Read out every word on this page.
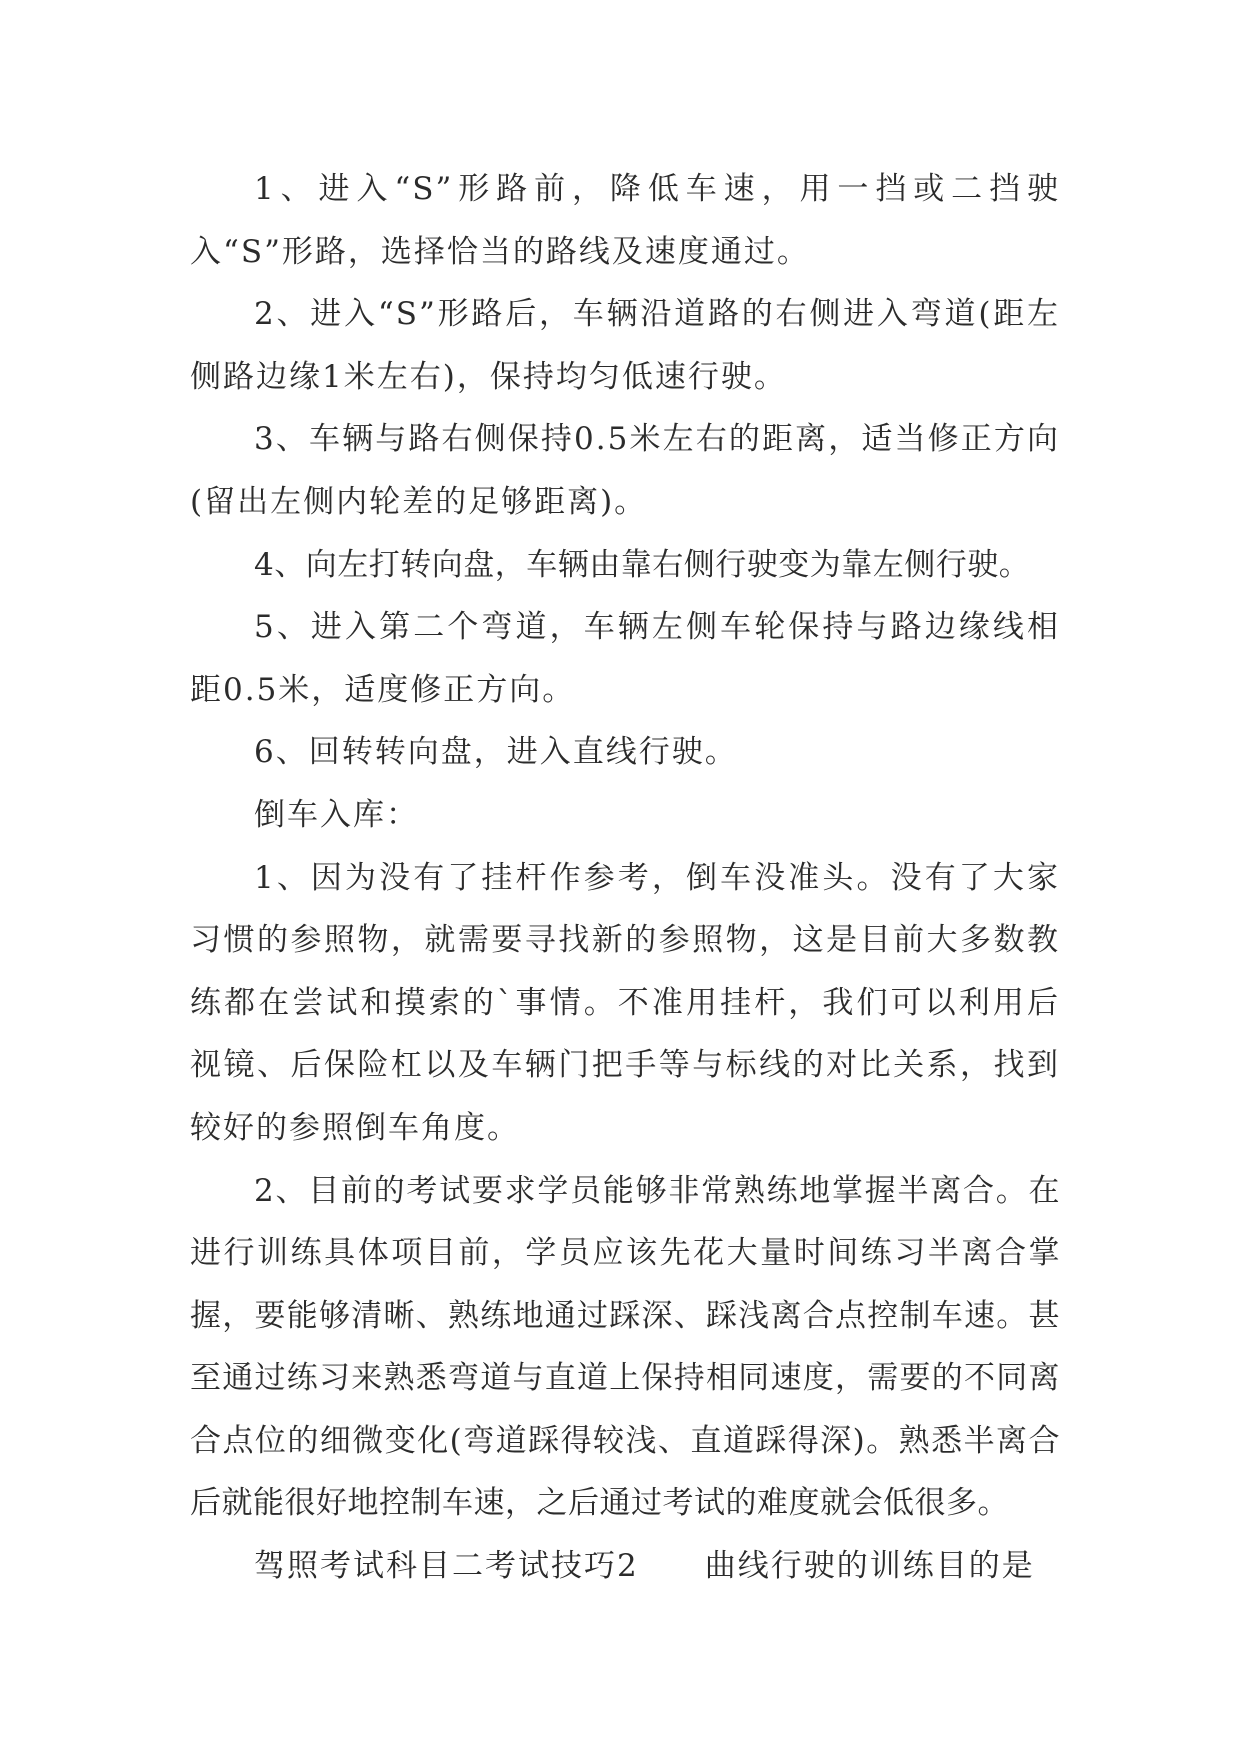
1、进入“S”形路前，降低车速，用一挡或二挡驶入“S”形路，选择恰当的路线及速度通过。

2、进入“S”形路后，车辆沿道路的右侧进入弯道(距左侧路边缘1米左右)，保持均匀低速行驶。

3、车辆与路右侧保持0.5米左右的距离，适当修正方向(留出左侧内轮差的足够距离)。

4、向左打转向盘，车辆由靠右侧行驶变为靠左侧行驶。

5、进入第二个弯道，车辆左侧车轮保持与路边缘线相距0.5米，适度修正方向。

6、回转转向盘，进入直线行驶。

倒车入库：

1、因为没有了挂杆作参考，倒车没准头。没有了大家习惯的参照物，就需要寻找新的参照物，这是目前大多数教练都在尝试和摸索的`事情。不准用挂杆，我们可以利用后视镜、后保险杠以及车辆门把手等与标线的对比关系，找到较好的参照倒车角度。

2、目前的考试要求学员能够非常熟练地掌握半离合。在进行训练具体项目前，学员应该先花大量时间练习半离合掌握，要能够清晰、熟练地通过踩深、踩浅离合点控制车速。甚至通过练习来熟悉弯道与直道上保持相同速度，需要的不同离合点位的细微变化(弯道踩得较浅、直道踩得深)。熟悉半离合后就能很好地控制车速，之后通过考试的难度就会低很多。

驾照考试科目二考试技巧2　　曲线行驶的训练目的是
